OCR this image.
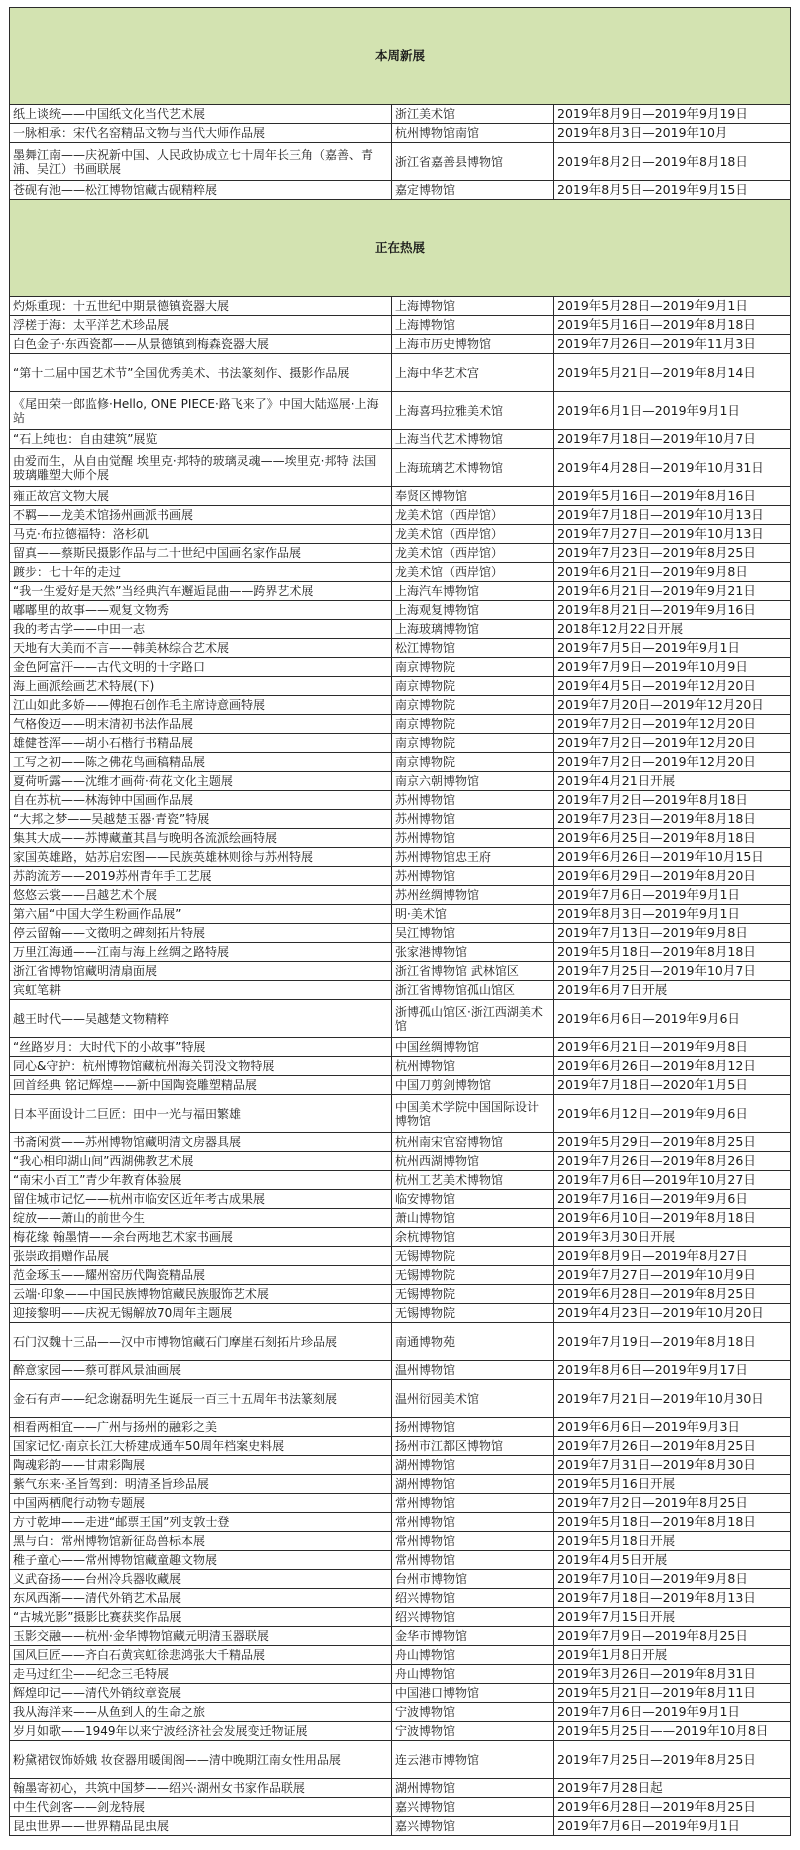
本周新展		
纸上谈统——中国纸文化当代艺术展	浙江美术馆	2019年8月9日—2019年9月19日
一脉相承：宋代名窑精品文物与当代大师作品展	杭州博物馆南馆	2019年8月3日—2019年10月
墨舞江南——庆祝新中国、人民政协成立七十周年长三角（嘉善、青浦、吴江）书画联展	浙江省嘉善县博物馆	2019年8月2日—2019年8月18日
苍砚有池——松江博物馆藏古砚精粹展	嘉定博物馆	2019年8月5日—2019年9月15日
正在热展		
灼烁重现：十五世纪中期景德镇瓷器大展	上海博物馆	2019年5月28日—2019年9月1日
浮槎于海：太平洋艺术珍品展	上海博物馆	2019年5月16日—2019年8月18日
白色金子·东西瓷都——从景德镇到梅森瓷器大展	上海市历史博物馆	2019年7月26日—2019年11月3日
“第十二届中国艺术节”全国优秀美术、书法篆刻作、摄影作品展	上海中华艺术宫	2019年5月21日—2019年8月14日
《尾田荣一郎监修·Hello, ONE PIECE·路飞来了》中国大陆巡展·上海站	上海喜玛拉雅美术馆	2019年6月1日—2019年9月1日
“石上纯也：自由建筑”展览	上海当代艺术博物馆	2019年7月18日—2019年10月7日
由爱而生，从自由觉醒 埃里克·邦特的玻璃灵魂——埃里克·邦特 法国玻璃雕塑大师个展	上海琉璃艺术博物馆	2019年4月28日—2019年10月31日
雍正故宫文物大展	奉贤区博物馆	2019年5月16日—2019年8月16日
不羁——龙美术馆扬州画派书画展	龙美术馆（西岸馆）	2019年7月18日—2019年10月13日
马克·布拉德福特：洛杉矶	龙美术馆（西岸馆）	2019年7月27日—2019年10月13日
留真——蔡斯民摄影作品与二十世纪中国画名家作品展	龙美术馆（西岸馆）	2019年7月23日—2019年8月25日
踱步：七十年的走过	龙美术馆（西岸馆）	2019年6月21日—2019年9月8日
“我一生爱好是天然”当经典汽车邂逅昆曲——跨界艺术展	上海汽车博物馆	2019年6月21日—2019年9月21日
嘟嘟里的故事——观复文物秀	上海观复博物馆	2019年8月21日—2019年9月16日
我的考古学——中田一志	上海玻璃博物馆	2018年12月22日开展
天地有大美而不言——韩美林综合艺术展	松江博物馆	2019年7月5日—2019年9月1日
金色阿富汗——古代文明的十字路口	南京博物院	2019年7月9日—2019年10月9日
海上画派绘画艺术特展(下)	南京博物院	2019年4月5日—2019年12月20日
江山如此多娇——傅抱石创作毛主席诗意画特展	南京博物院	2019年7月20日—2019年12月20日
气格俊迈——明末清初书法作品展	南京博物院	2019年7月2日—2019年12月20日
雄健苍浑——胡小石楷行书精品展	南京博物院	2019年7月2日—2019年12月20日
工写之初——陈之佛花鸟画稿精品展	南京博物院	2019年7月2日—2019年12月20日
夏荷听露——沈维才画荷·荷花文化主题展	南京六朝博物馆	2019年4月21日开展
自在苏杭——林海钟中国画作品展	苏州博物馆	2019年7月2日—2019年8月18日
“大邦之梦——吴越楚玉器·青瓷”特展	苏州博物馆	2019年7月23日—2019年8月18日
集其大成——苏博藏董其昌与晚明各流派绘画特展	苏州博物馆	2019年6月25日—2019年8月18日
家国英雄路，姑苏启宏图——民族英雄林则徐与苏州特展	苏州博物馆忠王府	2019年6月26日—2019年10月15日
苏韵流芳——2019苏州青年手工艺展	苏州博物馆	2019年6月29日—2019年8月20日
悠悠云裳——吕越艺术个展	苏州丝绸博物馆	2019年7月6日—2019年9月1日
第六届“中国大学生粉画作品展”	明·美术馆	2019年8月3日—2019年9月1日
停云留翰——文徵明之碑刻拓片特展	吴江博物馆	2019年7月13日—2019年9月8日
万里江海通——江南与海上丝绸之路特展	张家港博物馆	2019年5月18日—2019年8月18日
浙江省博物馆藏明清扇面展	浙江省博物馆 武林馆区	2019年7月25日—2019年10月7日
宾虹笔耕	浙江省博物馆孤山馆区	2019年6月7日开展
越王时代——吴越楚文物精粹	浙博孤山馆区·浙江西湖美术馆	2019年6月6日—2019年9月6日
“丝路岁月：大时代下的小故事”特展	中国丝绸博物馆	2019年6月21日—2019年9月8日
同心&守护：杭州博物馆藏杭州海关罚没文物特展	杭州博物馆	2019年6月26日—2019年8月12日
回首经典 铭记辉煌——新中国陶瓷雕塑精品展	中国刀剪剑博物馆	2019年7月18日—2020年1月5日
日本平面设计二巨匠：田中一光与福田繁雄	中国美术学院中国国际设计博物馆	2019年6月12日—2019年9月6日
书斋闲赏——苏州博物馆藏明清文房器具展	杭州南宋官窑博物馆	2019年5月29日—2019年8月25日
“我心相印湖山间”西湖佛教艺术展	杭州西湖博物馆	2019年7月26日—2019年8月26日
“南宋小百工”青少年教育体验展	杭州工艺美术博物馆	2019年7月6日—2019年10月27日
留住城市记忆——杭州市临安区近年考古成果展	临安博物馆	2019年7月16日—2019年9月6日
绽放——萧山的前世今生	萧山博物馆	2019年6月10日—2019年8月18日
梅花缘 翰墨情——余台两地艺术家书画展	余杭博物馆	2019年3月30日开展
张崇政捐赠作品展	无锡博物院	2019年8月9日—2019年8月27日
范金琢玉——耀州窑历代陶瓷精品展	无锡博物院	2019年7月27日—2019年10月9日
云端·印象——中国民族博物馆藏民族服饰艺术展	无锡博物院	2019年6月28日—2019年8月25日
迎接黎明——庆祝无锡解放70周年主题展	无锡博物院	2019年4月23日—2019年10月20日
石门汉魏十三品——汉中市博物馆藏石门摩崖石刻拓片珍品展	南通博物苑	2019年7月19日—2019年8月18日
醉意家园——蔡可群风景油画展	温州博物馆	2019年8月6日—2019年9月17日
金石有声——纪念谢磊明先生诞辰一百三十五周年书法篆刻展	温州衍园美术馆	2019年7月21日—2019年10月30日
相看两相宜——广州与扬州的融彩之美	扬州博物馆	2019年6月6日—2019年9月3日
国家记忆·南京长江大桥建成通车50周年档案史料展	扬州市江都区博物馆	2019年7月26日—2019年8月25日
陶魂彩韵——甘肃彩陶展	湖州博物馆	2019年7月31日—2019年8月30日
紫气东来·圣旨驾到：明清圣旨珍品展	湖州博物馆	2019年5月16日开展
中国两栖爬行动物专题展	常州博物馆	2019年7月2日—2019年8月25日
方寸乾坤——走进“邮票王国”列支敦士登	常州博物馆	2019年5月18日—2019年8月18日
黑与白：常州博物馆新征岛兽标本展	常州博物馆	2019年5月18日开展
稚子童心——常州博物馆藏童趣文物展	常州博物馆	2019年4月5日开展
义武奋扬——台州冷兵器收藏展	台州市博物馆	2019年7月10日—2019年9月8日
东风西渐——清代外销艺术品展	绍兴博物馆	2019年7月18日—2019年8月13日
“古城光影”摄影比赛获奖作品展	绍兴博物馆	2019年7月15日开展
玉影交融——杭州·金华博物馆藏元明清玉器联展	金华市博物馆	2019年7月9日—2019年8月25日
国风巨匠——齐白石黄宾虹徐悲鸿张大千精品展	舟山博物馆	2019年1月8日开展
走马过红尘——纪念三毛特展	舟山博物馆	2019年3月26日—2019年8月31日
辉煌印记——清代外销纹章瓷展	中国港口博物馆	2019年5月21日—2019年8月11日
我从海洋来——从鱼到人的生命之旅	宁波博物馆	2019年7月6日—2019年9月1日
岁月如歌——1949年以来宁波经济社会发展变迁物证展	宁波博物馆	2019年5月25日——2019年10月8日
粉黛裙钗饰娇娥 妆奁器用暖闺阁——清中晚期江南女性用品展	连云港市博物馆	2019年7月25日—2019年8月25日
翰墨寄初心，共筑中国梦——绍兴·湖州女书家作品联展	湖州博物馆	2019年7月28日起
中生代剑客——剑龙特展	嘉兴博物馆	2019年6月28日—2019年8月25日
昆虫世界——世界精品昆虫展	嘉兴博物馆	2019年7月6日—2019年9月1日
